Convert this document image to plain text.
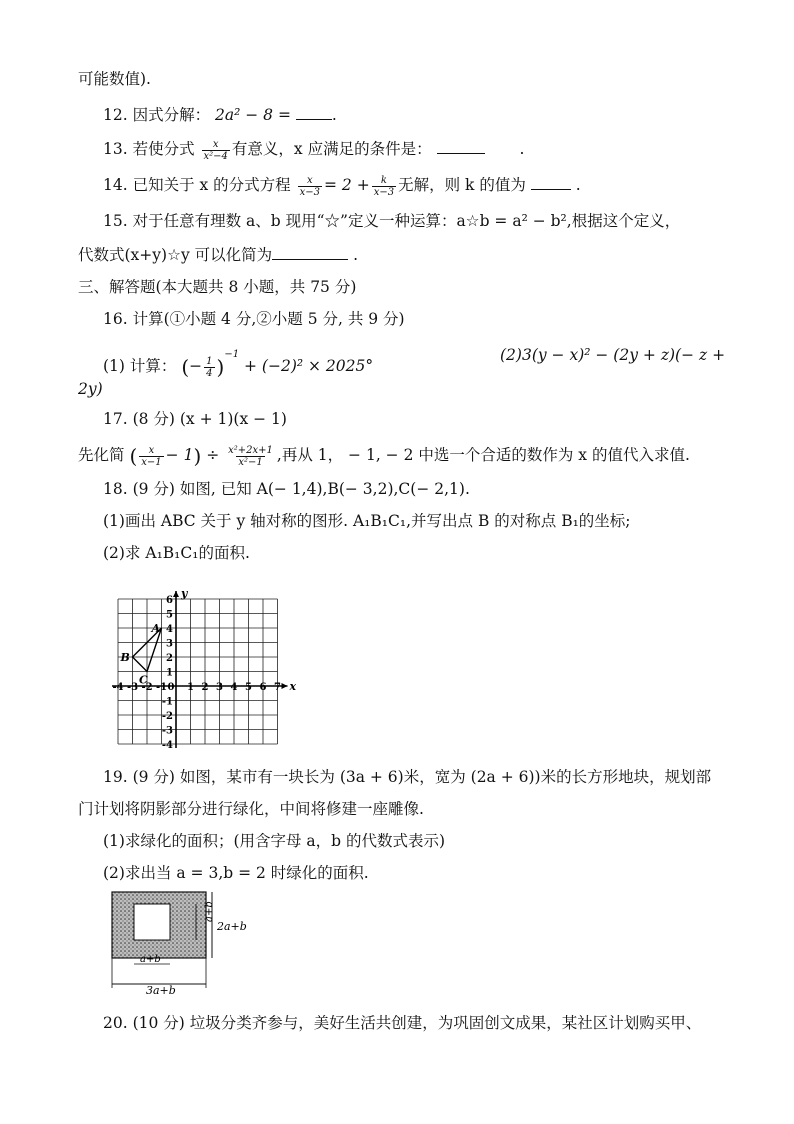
可能数值).
12. 因式分解： 2a² − 8 =	.
13. 若使分式 $\frac{x}{\text{x²−4}}$ 有意义，x 应满足的条件是：	.
14. 已知关于 x 的分式方程 $\frac{x}{x-3} = 2 + \frac{k}{x-3}$ 无解，则 k 的值为	.
15. 对于任意有理数 a、b 现用“☆”定义一种运算：a☆b = a² − b²,根据这个定义，
代数式(x+y)☆y 可以化简为	.
三、解答题(本大题共 8 小题，共 75 分)
16. 计算(①小题 4 分,②小题 5 分, 共 9 分)
(1) 计算： (− $\frac{1}{4} )^{-1} + (-2)^2 \times 2025^\circ$
(2)3(y − x)² − (2y + z)(− z +
2y)
17. (8 分) (x + 1)(x − 1)
先化简 ( $\frac{x}{x-1} - 1) \div \frac{\text{x²+2x+1}}{\text{x²−1}}$ ,再从 1， − 1, − 2 中选一个合适的数作为 x 的值代入求值.
18. (9 分) 如图, 已知 A(− 1,4),B(− 3,2),C(− 2,1).
(1)画出 ABC 关于 y 轴对称的图形. A₁B₁C₁,并写出点 B 的对称点 B₁的坐标;
(2)求 A₁B₁C₁的面积.
y
x
6
5
4
3
2
1
-1
-2
-3
-4
-4 -3 -2 -1 0 1 2 3 4 5 6 7
A
B
C
19. (9 分) 如图，某市有一块长为 (3a + 6)米，宽为 (2a + 6))米的长方形地块，规划部
门计划将阴影部分进行绿化，中间将修建一座雕像.
(1)求绿化的面积；(用含字母 a，b 的代数式表示)
(2)求出当 a = 3,b = 2 时绿化的面积.
a+b
2a+b
a+b
3a+b
20. (10 分) 垃圾分类齐参与，美好生活共创建，为巩固创文成果，某社区计划购买甲、
